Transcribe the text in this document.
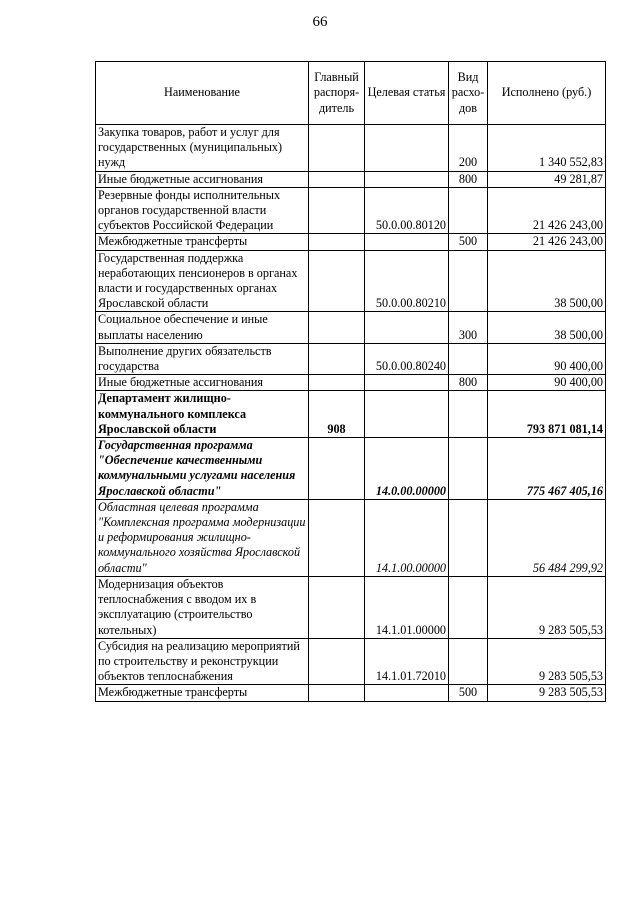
66
Наименование	Главный распоря-дитель	Целевая статья	Вид расхо-дов	Исполнено (руб.)
Закупка товаров, работ и услуг для государственных (муниципальных) нужд			200	1 340 552,83
Иные бюджетные ассигнования			800	49 281,87
Резервные фонды исполнительных органов государственной власти субъектов Российской Федерации		50.0.00.80120		21 426 243,00
Межбюджетные трансферты			500	21 426 243,00
Государственная поддержка неработающих пенсионеров в органах власти и государственных органах Ярославской области		50.0.00.80210		38 500,00
Социальное обеспечение и иные выплаты населению			300	38 500,00
Выполнение других обязательств государства		50.0.00.80240		90 400,00
Иные бюджетные ассигнования			800	90 400,00
Департамент жилищно-коммунального комплекса Ярославской области	908			793 871 081,14
Государственная программа "Обеспечение качественными коммунальными услугами населения Ярославской области"		14.0.00.00000		775 467 405,16
Областная целевая программа "Комплексная программа модернизации и реформирования жилищно-коммунального хозяйства Ярославской области"		14.1.00.00000		56 484 299,92
Модернизация объектов теплоснабжения с вводом их в эксплуатацию (строительство котельных)		14.1.01.00000		9 283 505,53
Субсидия на реализацию мероприятий по строительству и реконструкции объектов теплоснабжения		14.1.01.72010		9 283 505,53
Межбюджетные трансферты			500	9 283 505,53
